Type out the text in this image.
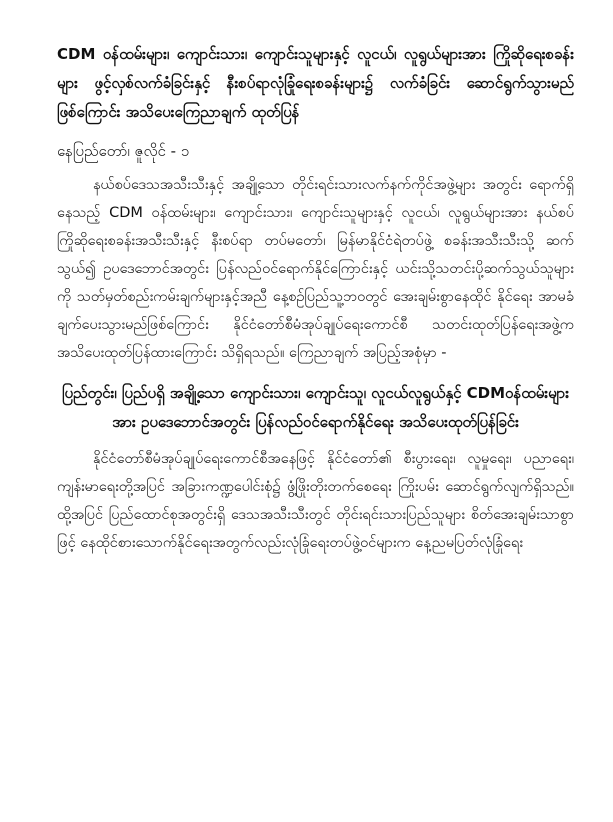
CDM ဝန်ထမ်းများ၊ ကျောင်းသား၊ ကျောင်းသူများနှင့် လူငယ်၊ လူရွယ်များအား ကြိုဆိုရေးစခန်းများ ဖွင့်လှစ်လက်ခံခြင်းနှင့် နီးစပ်ရာလုံခြုံရေးစခန်းများ၌ လက်ခံခြင်း ဆောင်ရွက်သွားမည်ဖြစ်ကြောင်း အသိပေးကြေညာချက် ထုတ်ပြန်

နေပြည်တော်၊ ဇူလိုင် - ၁

နယ်စပ်ဒေသအသီးသီးနှင့် အချို့သော တိုင်းရင်းသားလက်နက်ကိုင်အဖွဲ့များ အတွင်း ရောက်ရှိနေသည့် CDM ဝန်ထမ်းများ၊ ကျောင်းသား၊ ကျောင်းသူများနှင့် လူငယ်၊ လူရွယ်များအား နယ်စပ်ကြိုဆိုရေးစခန်းအသီးသီးနှင့် နီးစပ်ရာ တပ်မတော်၊ မြန်မာနိုင်ငံရဲတပ်ဖွဲ့ စခန်းအသီးသီးသို့ ဆက်သွယ်၍ ဥပဒေဘောင်အတွင်း ပြန်လည်ဝင်ရောက်နိုင်ကြောင်းနှင့် ယင်းသို့သတင်းပို့ဆက်သွယ်သူများကို သတ်မှတ်စည်းကမ်းချက်များနှင့်အညီ နေ့စဉ်ပြည်သူ့ဘဝတွင် အေးချမ်းစွာနေထိုင် နိုင်ရေး အာမခံချက်ပေးသွားမည်ဖြစ်ကြောင်း နိုင်ငံတော်စီမံအုပ်ချုပ်ရေးကောင်စီ သတင်းထုတ်ပြန်ရေးအဖွဲ့က အသိပေးထုတ်ပြန်ထားကြောင်း သိရှိရသည်။ ကြေညာချက် အပြည့်အစုံမှာ -

ပြည်တွင်း၊ ပြည်ပရှိ အချို့သော ကျောင်းသား၊ ကျောင်းသူ၊ လူငယ်လူရွယ်နှင့် CDMဝန်ထမ်းများအား ဥပဒေဘောင်အတွင်း ပြန်လည်ဝင်ရောက်နိုင်ရေး အသိပေးထုတ်ပြန်ခြင်း

နိုင်ငံတော်စီမံအုပ်ချုပ်ရေးကောင်စီအနေဖြင့် နိုင်ငံတော်၏ စီးပွားရေး၊ လူမှုရေး၊ ပညာရေး၊ ကျန်းမာရေးတို့အပြင် အခြားကဏ္ဍပေါင်းစုံ၌ ဖွံ့ဖြိုးတိုးတက်စေရေး ကြိုးပမ်း ဆောင်ရွက်လျက်ရှိသည်။ ထို့အပြင် ပြည်ထောင်စုအတွင်းရှိ ဒေသအသီးသီးတွင် တိုင်းရင်းသားပြည်သူများ စိတ်အေးချမ်းသာစွာဖြင့် နေထိုင်စားသောက်နိုင်ရေးအတွက်လည်းလုံခြုံရေးတပ်ဖွဲ့ဝင်များက နေ့ညမပြတ်လုံခြုံရေး
